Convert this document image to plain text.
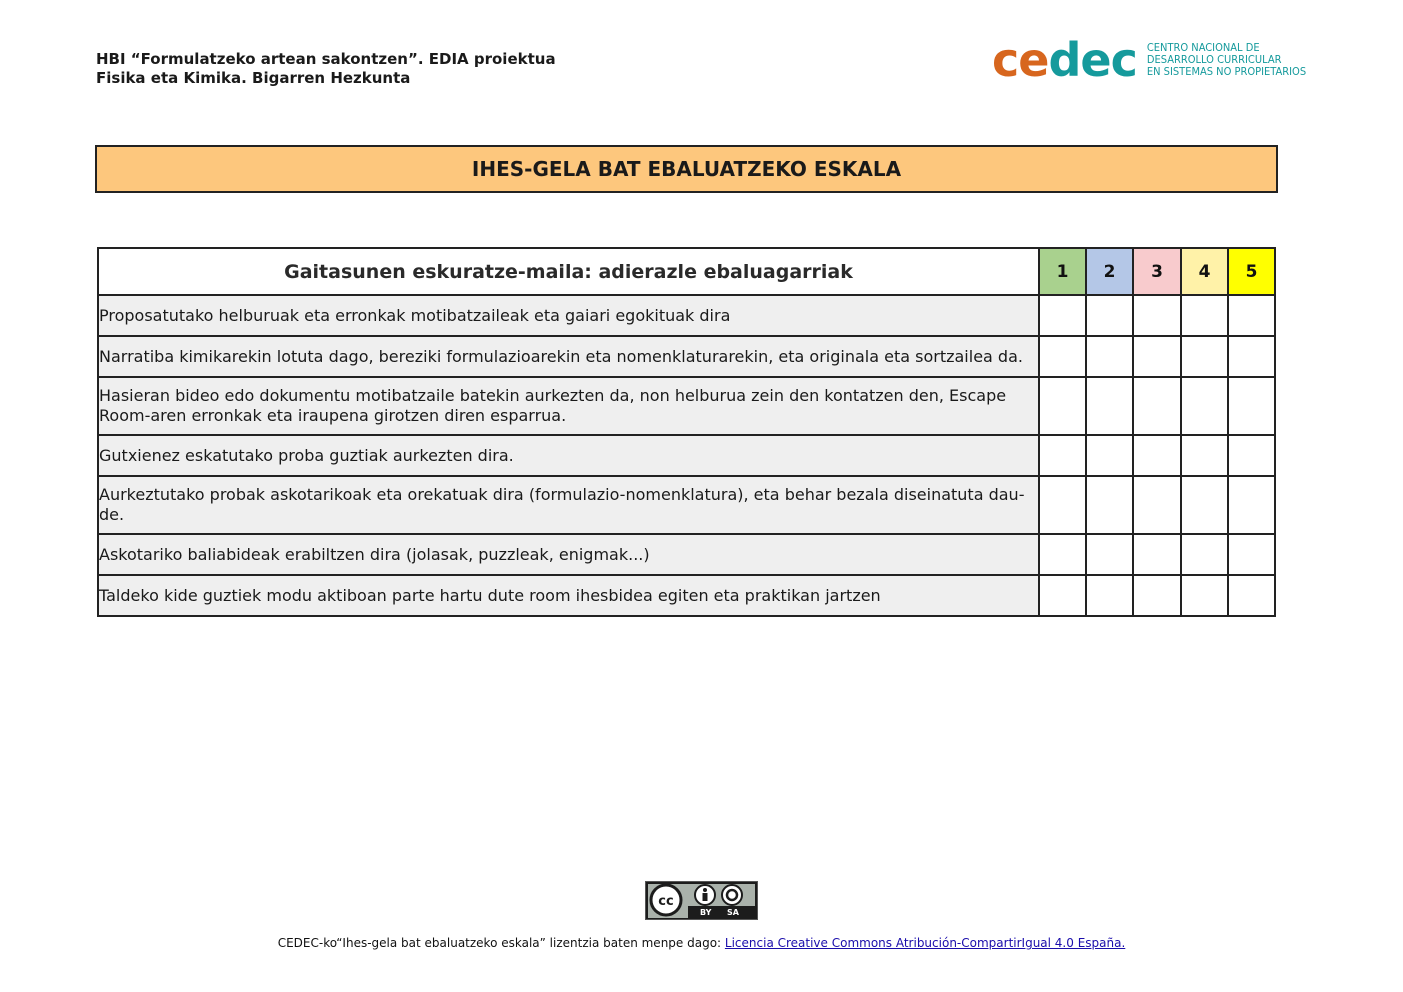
HBI “Formulatzeko artean sakontzen”. EDIA proiektua
Fisika eta Kimika. Bigarren Hezkunta	cedec CENTRO NACIONAL DE
DESARROLLO CURRICULAR
EN SISTEMAS NO PROPIETARIOS
IHES-GELA BAT EBALUATZEKO ESKALA
Gaitasunen eskuratze-maila: adierazle ebaluagarriak	1	2	3	4	5
Proposatutako helburuak eta erronkak motibatzaileak eta gaiari egokituak dira					
Narratiba kimikarekin lotuta dago, bereziki formulazioarekin eta nomenklaturarekin, eta originala eta sortzailea da.					
Hasieran bideo edo dokumentu motibatzaile batekin aurkezten da, non helburua zein den kontatzen den, Escape Room-aren erronkak eta iraupena girotzen diren esparrua.					
Gutxienez eskatutako proba guztiak aurkezten dira.					
Aurkeztutako probak askotarikoak eta orekatuak dira (formulazio-nomenklatura), eta behar bezala diseinatuta dau-de.					
Askotariko baliabideak erabiltzen dira (jolasak, puzzleak, enigmak...)					
Taldeko kide guztiek modu aktiboan parte hartu dute room ihesbidea egiten eta praktikan jartzen					
cc
BY SA
CEDEC-ko“Ihes-gela bat ebaluatzeko eskala” lizentzia baten menpe dago: Licencia Creative Commons Atribución-CompartirIgual 4.0 España.
